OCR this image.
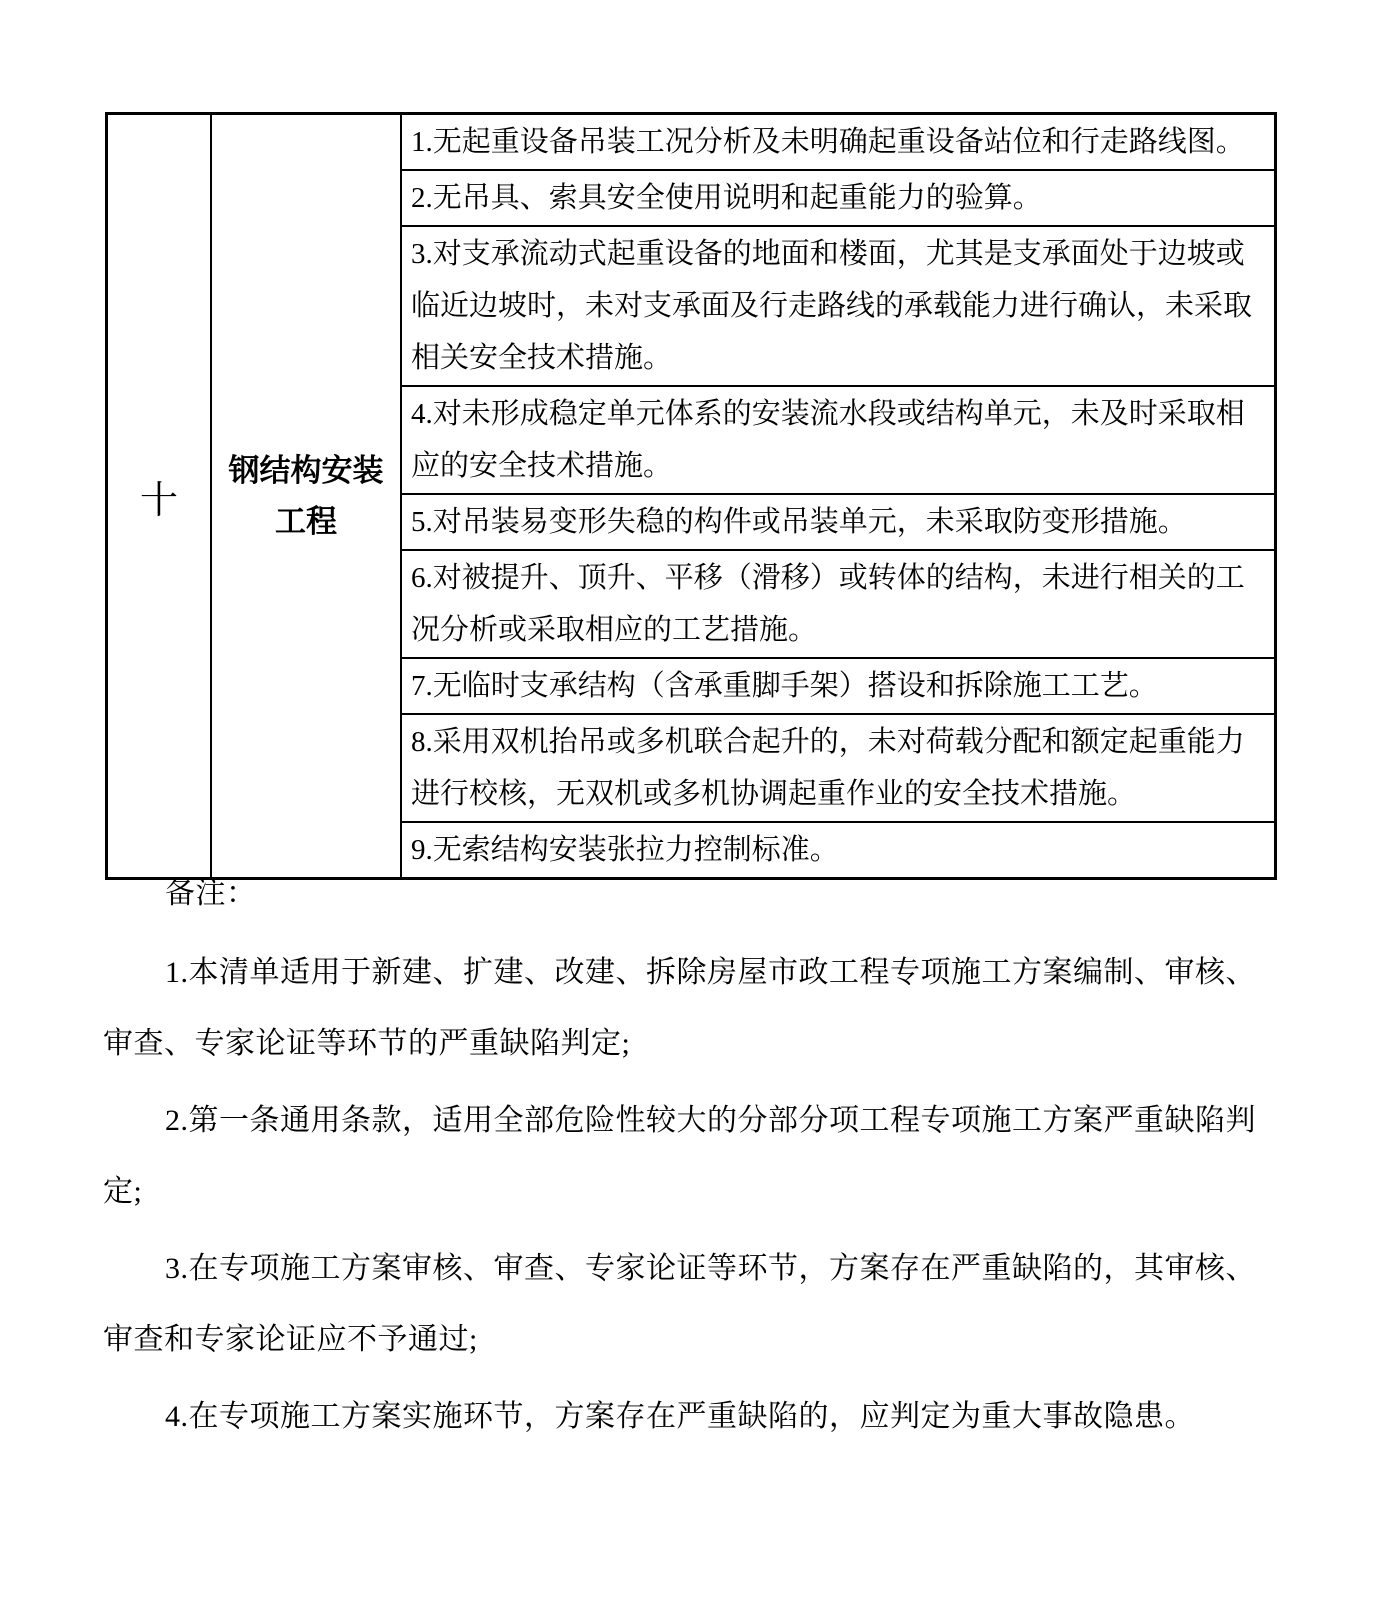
十	钢结构安装工程	1.无起重设备吊装工况分析及未明确起重设备站位和行走路线图。
2.无吊具、索具安全使用说明和起重能力的验算。
3.对支承流动式起重设备的地面和楼面，尤其是支承面处于边坡或临近边坡时，未对支承面及行走路线的承载能力进行确认，未采取相关安全技术措施。
4.对未形成稳定单元体系的安装流水段或结构单元，未及时采取相应的安全技术措施。
5.对吊装易变形失稳的构件或吊装单元，未采取防变形措施。
6.对被提升、顶升、平移（滑移）或转体的结构，未进行相关的工况分析或采取相应的工艺措施。
7.无临时支承结构（含承重脚手架）搭设和拆除施工工艺。
8.采用双机抬吊或多机联合起升的，未对荷载分配和额定起重能力进行校核，无双机或多机协调起重作业的安全技术措施。
9.无索结构安装张拉力控制标准。

备注：

1.本清单适用于新建、扩建、改建、拆除房屋市政工程专项施工方案编制、审核、审查、专家论证等环节的严重缺陷判定;

2.第一条通用条款，适用全部危险性较大的分部分项工程专项施工方案严重缺陷判定;

3.在专项施工方案审核、审查、专家论证等环节，方案存在严重缺陷的，其审核、审查和专家论证应不予通过;

4.在专项施工方案实施环节，方案存在严重缺陷的，应判定为重大事故隐患。
